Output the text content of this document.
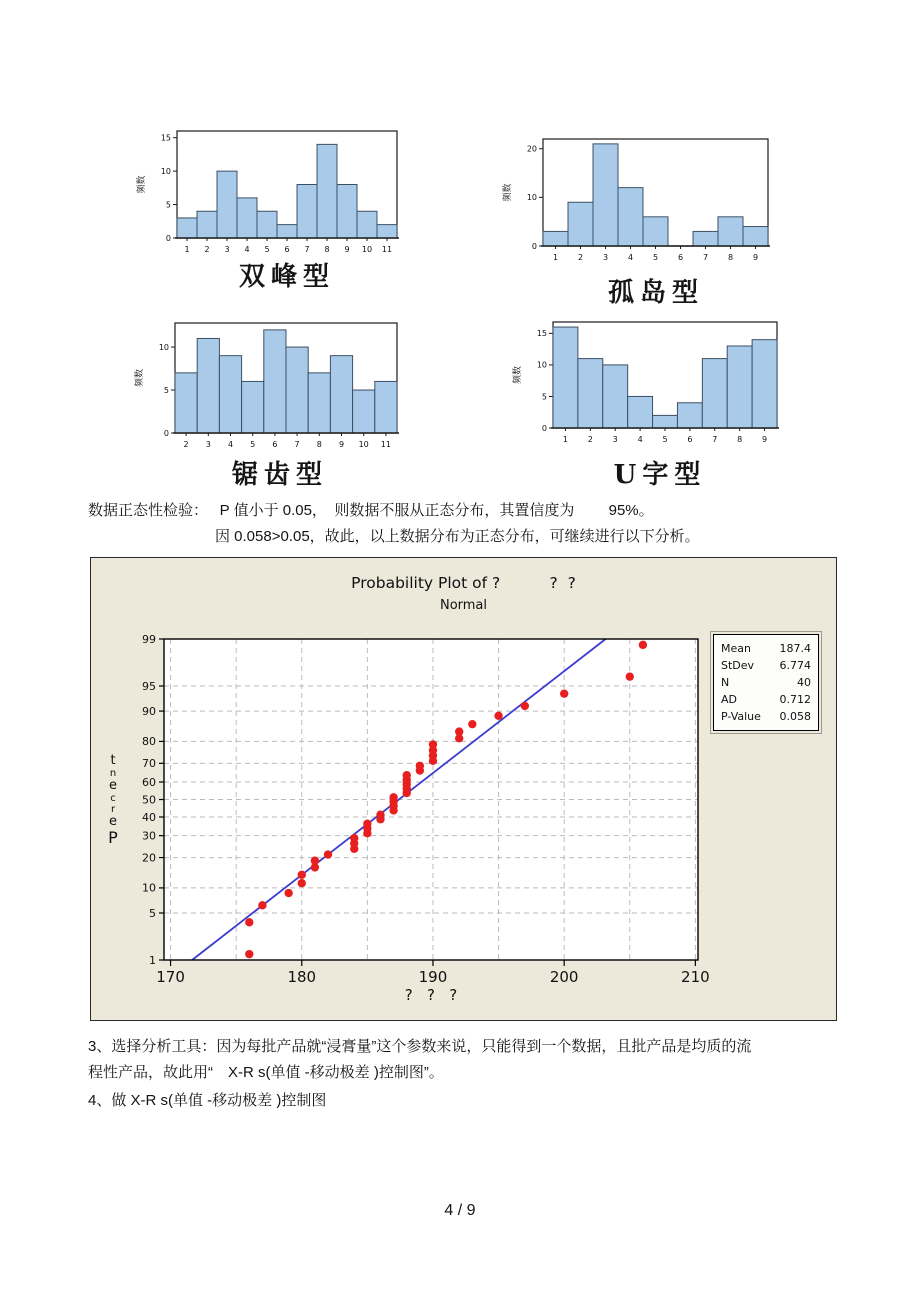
0
5
10
15
频数
1 2 3 4 5 6 7 8 9 10 11
双峰型
0
10
20
频数
1 2 3 4 5 6 7 8 9
孤岛型
0
5
10
频数
2 3 4 5 6 7 8 9 10 11
锯齿型
0
5
10
15
频数
1 2 3 4 5 6 7 8 9
U字型
数据正态性检验：　 P 值小于 0.05，　则数据不服从正态分布，其置信度为　　 95%。
因 0.058>0.05，故此，以上数据分布为正态分布，可继续进行以下分析。
Probability Plot of ?          ?  ?
Normal
t
n
e
c
r
e
P
1
5
10
20
30
40
50
60
70
80
90
95
99
170	180	190	200	210
?   ?   ?
Mean	187.4
StDev 6.774
N	40
AD	0.712
P-Value 0.058
3、选择分析工具：因为每批产品就“浸膏量”这个参数来说，只能得到一个数据，且批产品是均质的流
程性产品，故此用“　X-R s(单值 -移动极差 )控制图”。
4、做 X-R s(单值 -移动极差 )控制图
4 / 9
